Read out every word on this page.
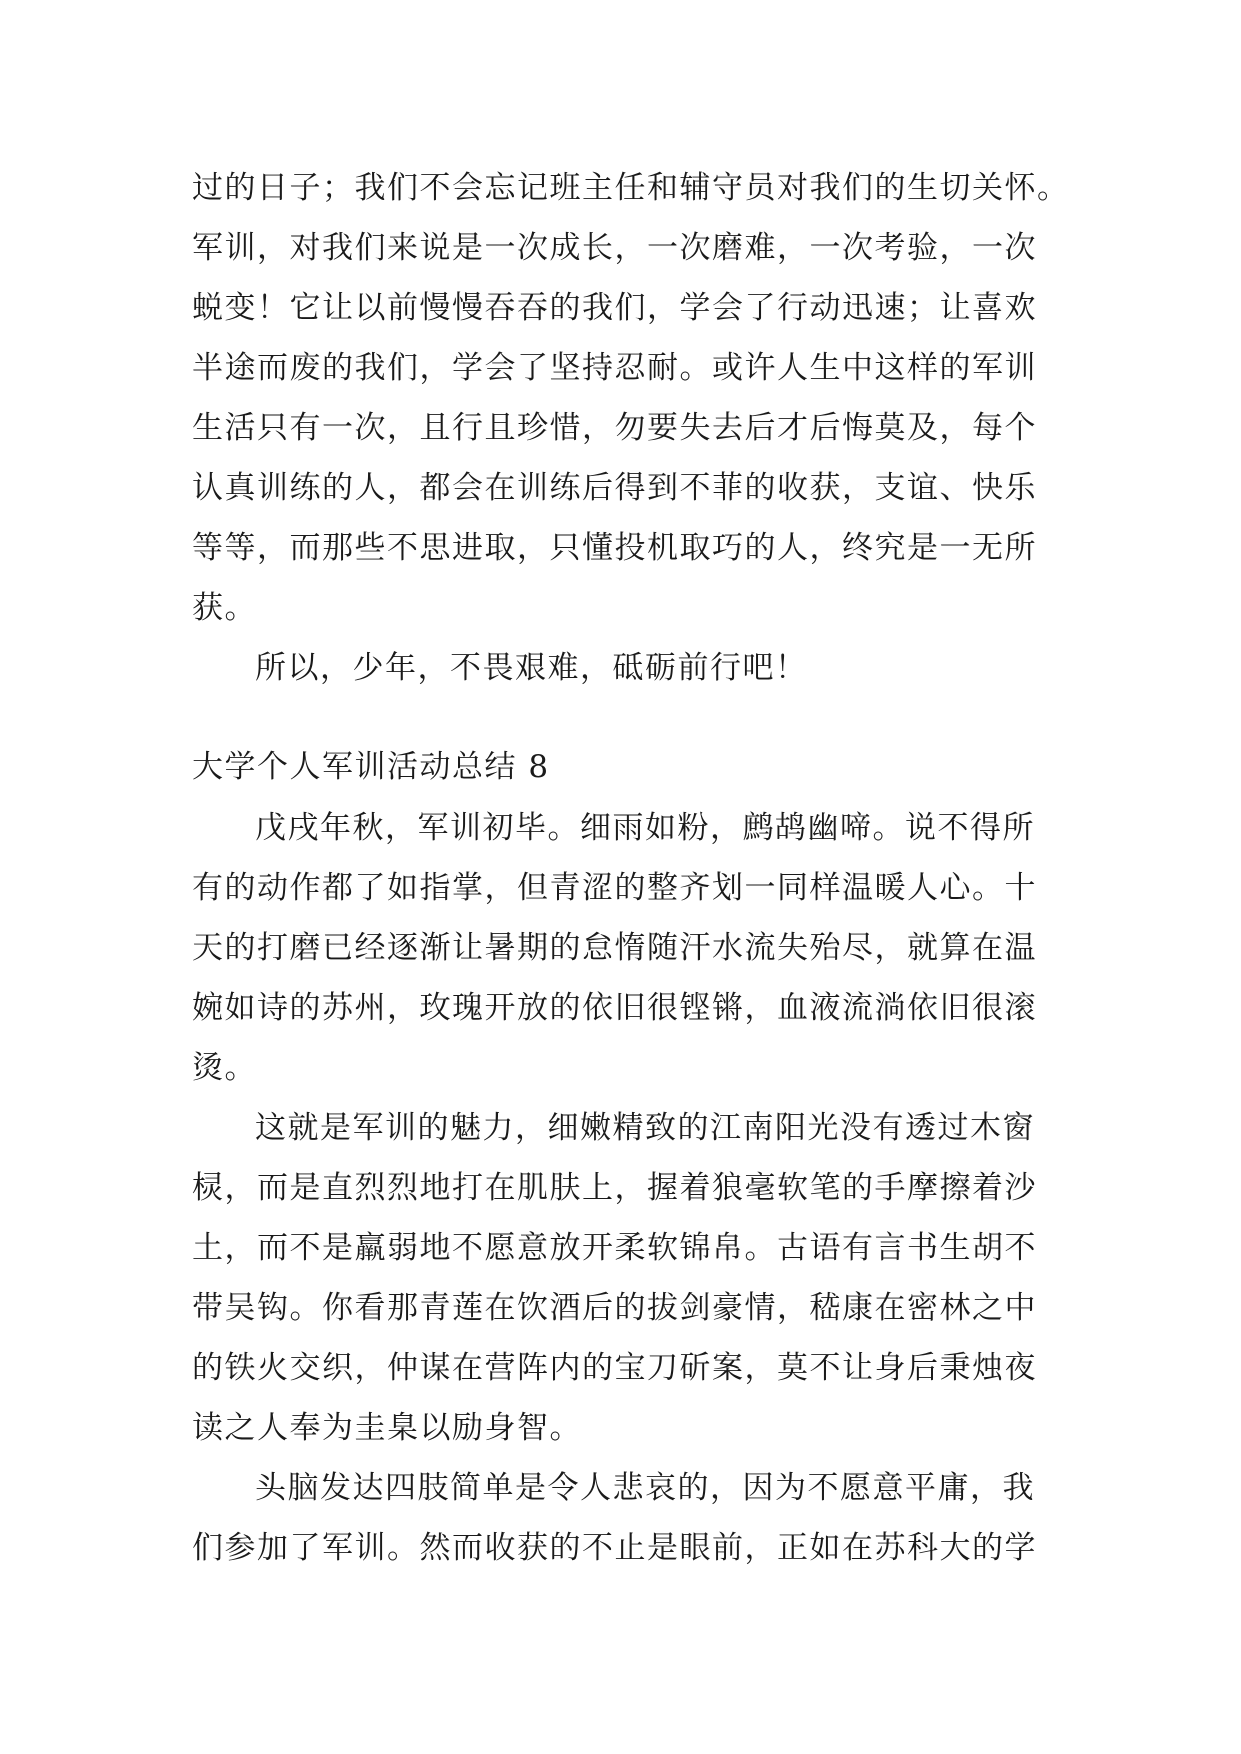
过的日子；我们不会忘记班主任和辅守员对我们的生切关怀。
军训，对我们来说是一次成长，一次磨难，一次考验，一次
蜕变！它让以前慢慢吞吞的我们，学会了行动迅速；让喜欢
半途而废的我们，学会了坚持忍耐。或许人生中这样的军训
生活只有一次，且行且珍惜，勿要失去后才后悔莫及，每个
认真训练的人，都会在训练后得到不菲的收获，支谊、快乐
等等，而那些不思进取，只懂投机取巧的人，终究是一无所
获。
所以，少年，不畏艰难，砥砺前行吧！
大学个人军训活动总结 8
戊戌年秋，军训初毕。细雨如粉，鹧鸪幽啼。说不得所
有的动作都了如指掌，但青涩的整齐划一同样温暖人心。十
天的打磨已经逐渐让暑期的怠惰随汗水流失殆尽，就算在温
婉如诗的苏州，玫瑰开放的依旧很铿锵，血液流淌依旧很滚
烫。
这就是军训的魅力，细嫩精致的江南阳光没有透过木窗
棂，而是直烈烈地打在肌肤上，握着狼毫软笔的手摩擦着沙
土，而不是羸弱地不愿意放开柔软锦帛。古语有言书生胡不
带吴钩。你看那青莲在饮酒后的拔剑豪情，嵇康在密林之中
的铁火交织，仲谋在营阵内的宝刀斫案，莫不让身后秉烛夜
读之人奉为圭臬以励身智。
头脑发达四肢简单是令人悲哀的，因为不愿意平庸，我
们参加了军训。然而收获的不止是眼前，正如在苏科大的学
